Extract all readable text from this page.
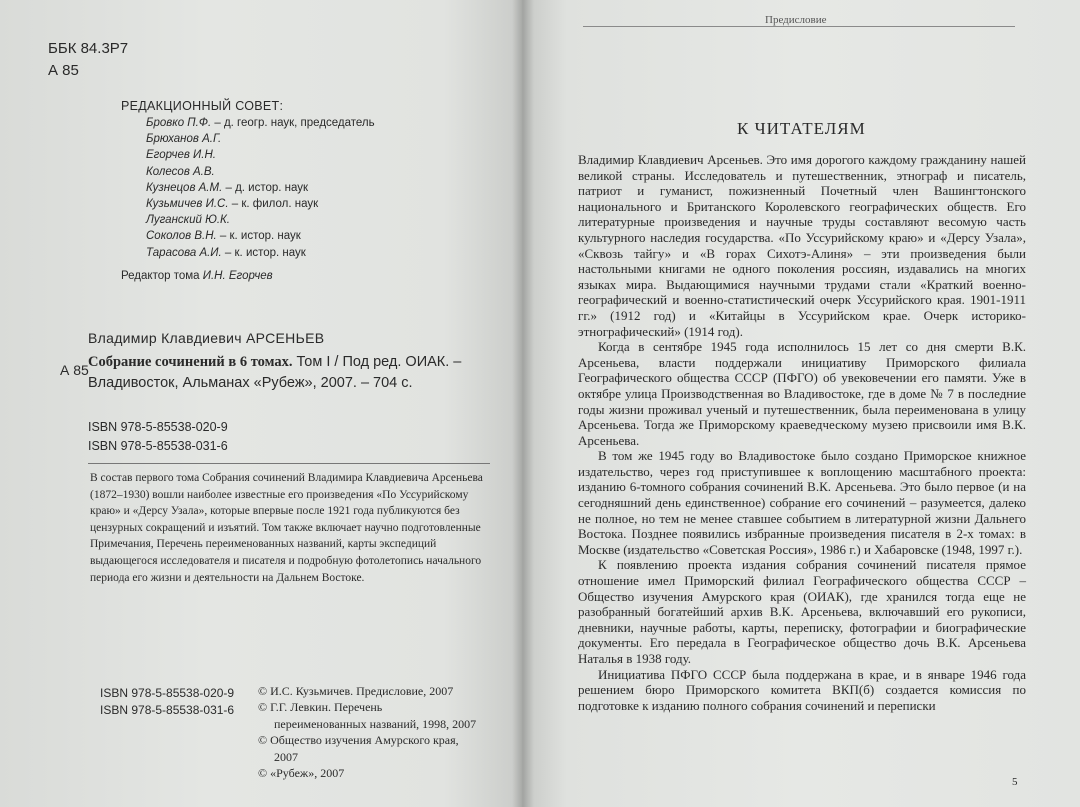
ББК 84.3Р7
А 85
РЕДАКЦИОННЫЙ СОВЕТ:
Бровко П.Ф. – д. геогр. наук, председатель
Брюханов А.Г.
Егорчев И.Н.
Колесов А.В.
Кузнецов А.М. – д. истор. наук
Кузьмичев И.С. – к. филол. наук
Луганский Ю.К.
Соколов В.Н. – к. истор. наук
Тарасова А.И. – к. истор. наук
Редактор тома И.Н. Егорчев
Владимир Клавдиевич АРСЕНЬЕВ
А 85 Собрание сочинений в 6 томах. Том I / Под ред. ОИАК. –
Владивосток, Альманах «Рубеж», 2007. – 704 с.
ISBN 978-5-85538-020-9
ISBN 978-5-85538-031-6
В состав первого тома Собрания сочинений Владимира Клавдиевича Арсеньева (1872–1930) вошли наиболее известные его произведения «По Уссурийскому краю» и «Дерсу Узала», которые впервые после 1921 года публикуются без цензурных сокращений и изъятий. Том также включает научно подготовленные Примечания, Перечень переименованных названий, карты экспедиций выдающегося исследователя и писателя и подробную фотолетопись начального периода его жизни и деятельности на Дальнем Востоке.
ISBN 978-5-85538-020-9
ISBN 978-5-85538-031-6
© И.С. Кузьмичев. Предисловие, 2007
© Г.Г. Левкин. Перечень
переименованных названий, 1998, 2007
© Общество изучения Амурского края,
2007
© «Рубеж», 2007
Предисловие
К ЧИТАТЕЛЯМ

Владимир Клавдиевич Арсеньев. Это имя дорогого каждому гражданину нашей великой страны. Исследователь и путешественник, этнограф и писатель, патриот и гуманист, пожизненный Почетный член Вашингтонского национального и Британского Королевского географических обществ. Его литературные произведения и научные труды составляют весомую часть культурного наследия государства. «По Уссурийскому краю» и «Дерсу Узала», «Сквозь тайгу» и «В горах Сихотэ-Алиня» – эти произведения были настольными книгами не одного поколения россиян, издавались на многих языках мира. Выдающимися научными трудами стали «Краткий военно-географический и военно-статистический очерк Уссурийского края. 1901-1911 гг.» (1912 год) и «Китайцы в Уссурийском крае. Очерк историко-этнографический» (1914 год).

Когда в сентябре 1945 года исполнилось 15 лет со дня смерти В.К. Арсеньева, власти поддержали инициативу Приморского филиала Географического общества СССР (ПФГО) об увековечении его памяти. Уже в октябре улица Производственная во Владивостоке, где в доме № 7 в последние годы жизни проживал ученый и путешественник, была переименована в улицу Арсеньева. Тогда же Приморскому краеведческому музею присвоили имя В.К. Арсеньева.

В том же 1945 году во Владивостоке было создано Приморское книжное издательство, через год приступившее к воплощению масштабного проекта: изданию 6-томного собрания сочинений В.К. Арсеньева. Это было первое (и на сегодняшний день единственное) собрание его сочинений – разумеется, далеко не полное, но тем не менее ставшее событием в литературной жизни Дальнего Востока. Позднее появились избранные произведения писателя в 2-х томах: в Москве (издательство «Советская Россия», 1986 г.) и Хабаровске (1948, 1997 г.).

К появлению проекта издания собрания сочинений писателя прямое отношение имел Приморский филиал Географического общества СССР – Общество изучения Амурского края (ОИАК), где хранился тогда еще не разобранный богатейший архив В.К. Арсеньева, включавший его рукописи, дневники, научные работы, карты, переписку, фотографии и биографические документы. Его передала в Географическое общество дочь В.К. Арсеньева Наталья в 1938 году.

Инициатива ПФГО СССР была поддержана в крае, и в январе 1946 года решением бюро Приморского комитета ВКП(б) создается комиссия по подготовке к изданию полного собрания сочинений и переписки

5
